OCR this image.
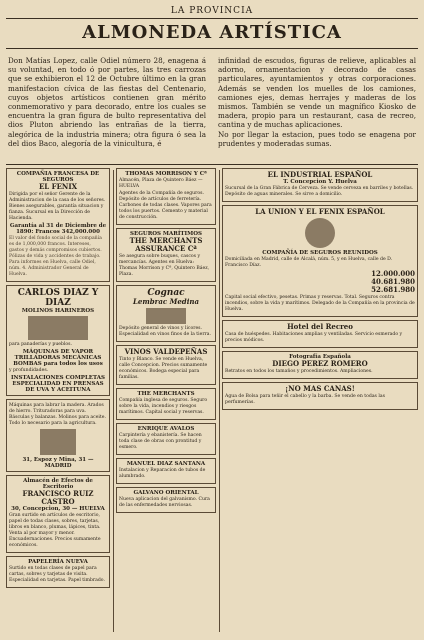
LA PROVINCIA
ALMONEDA ARTÍSTICA
Don Matías Lopez, calle Odiel número 28, enagena á su voluntad, en todo ó por partes, las tres carrozas que se exhibieron el 12 de Octubre último en la gran manifestacion cívica de las fiestas del Centenario, cuyos objetos artísticos contienen gran mérito conmemorativo y para decorado, entre los cuales se encuentra la gran figura de bulto representativa del dios Pluton abriendo las entrañas de la tierra, alegórica de la industria minera; otra figura ó sea la del dios Baco, alegoría de la vinicultura, é
infinidad de escudos, figuras de relieve, aplicables al adorno, ornamentacion y decorado de casas particulares, ayuntamientos y otras corporaciones. Además se venden los muelles de los camiones, camiones ejes, demas herrajes y maderas de los mismos. También se vende un magnífico Kiosko de madera, propio para un restaurant, casa de recreo, cantina y de muchas aplicaciones.
No por llegar la estacion, pues todo se enagena por prudentes y moderadas sumas.
COMPAÑIA FRANCESA DE SEGUROS
EL FENIX
Dirigida por el señor Gerente de la Administracion de la casa de los señores. Bienes asegurables, garantía situacion y fianza. Sucursal en la Dirección de Hacienda.
Garantía al 31 de Diciembre de 1890: Francos 342,000.000
El valor del fondo social de la compañía es de 1,000,000 francos. Intereses, gastos y demás compromisos cubiertos. Pólizas de vida y accidentes de trabajo. Para informes en Huelva, calle Odiel, núm. 4. Administrador General de Huelva.
CARLOS DIAZ Y DIAZ
MOLINOS HARINEROS
para panaderías y pueblos.
MÁQUINAS DE VAPOR
TRILLADORAS MECÁNICAS
BOMBAS para todos los usos
y profundidades.
INSTALACIONES COMPLETAS
ESPECIALIDAD EN PRENSAS DE UVA Y ACEITUNA
Máquinas para labrar la madera. Arados de hierro. Trituradoras para uva. Básculas y balanzas. Molinos para aceite. Todo lo necesario para la agricultura.
31, Espoz y Mina, 31 — MADRID
Almacén de Efectos de Escritorio
FRANCISCO RUIZ CASTRO
30, Concepcion, 30 — HUELVA
Gran surtido en artículos de escritorio, papel de todas clases, sobres, tarjetas, libros en blanco, plumas, lápices, tinta. Venta al por mayor y menor. Encuadernaciones. Precios sumamente económicos.
PAPELERÍA NUEVA
Surtido en todas clases de papel para cartas, sobres y tarjetas de visita. Especialidad en tarjetas. Papel timbrado.
THOMAS MORRISON Y Cª
Almacén, Plaza de Quintero Báez — HUELVA
Agentes de la Compañía de seguros. Depósito de artículos de ferretería. Carbones de todas clases. Vapores para todos los puertos. Cemento y material de construcción.
SEGUROS MARÍTIMOS
THE MERCHANTS ASSURANCE Cª
Se asegura sobre buques, cascos y mercancías. Agentes en Huelva: Thomas Morrison y Cª, Quintero Báez, Plaza.
Cognac
Lembrac Medina
Depósito general de vinos y licores. Especialidad en vinos finos de la tierra.
VINOS VALDEPEÑAS
Tinto y Blanco. Se vende en Huelva, calle Concepcion. Precios sumamente económicos. Bodega especial para familias.
THE MERCHANTS
Compañía inglesa de seguros. Seguro sobre la vida, incendios y riesgos marítimos. Capital social y reservas.
ENRIQUE AVALOS
Carpintería y ebanistería. Se hacen toda clase de obras con prontitud y esmero.
MANUEL DIAZ SANTANA
Instalacion y Reparacion de tubos de alumbrado.
GALVANO ORIENTAL
Nueva aplicacion del galvanismo. Cura de las enfermedades nerviosas.
EL INDUSTRIAL ESPAÑOL
T. Concepcion Y. Huelva
Sucursal de la Gran Fábrica de Cerveza. Se vende cerveza en barriles y botellas. Depósito de aguas minerales. Se sirve a domicilio.
LA UNION Y EL FENIX ESPAÑOL
COMPAÑÍA DE SEGUROS REUNIDOS
Domiciliada en Madrid, calle de Alcalá, núm. 5, y en Huelva, calle de D. Francisco Díaz.
12.000.000
40.681.980
52.681.980
Capital social efectivo, pesetas. Primas y reservas. Total. Seguros contra incendios, sobre la vida y marítimos. Delegado de la Compañía en la provincia de Huelva.
Hotel del Recreo
Casa de huéspedes. Habitaciones amplias y ventiladas. Servicio esmerado y precios módicos.
Fotografía Española
DIEGO PEREZ ROMERO
Retratos en todos los tamaños y procedimientos. Ampliaciones.
¡NO MAS CANAS!
Agua de Bolsa para teñir el cabello y la barba. Se vende en todas las perfumerías.
